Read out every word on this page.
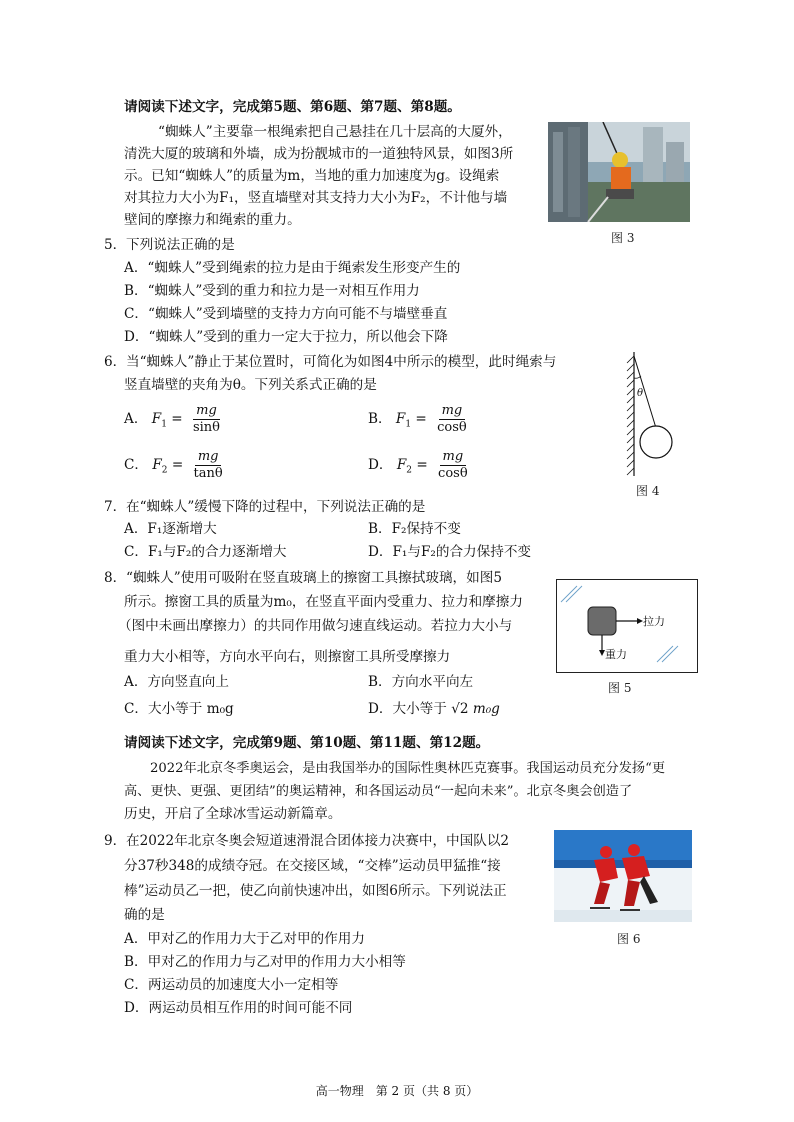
请阅读下述文字，完成第5题、第6题、第7题、第8题。
“蜘蛛人”主要靠一根绳索把自己悬挂在几十层高的大厦外，
清洗大厦的玻璃和外墙，成为扮靓城市的一道独特风景，如图3所
示。已知“蜘蛛人”的质量为m，当地的重力加速度为g。设绳索
对其拉力大小为F₁，竖直墙壁对其支持力大小为F₂，不计他与墙
壁间的摩擦力和绳索的重力。
图 3
5．下列说法正确的是
A．“蜘蛛人”受到绳索的拉力是由于绳索发生形变产生的
B．“蜘蛛人”受到的重力和拉力是一对相互作用力
C．“蜘蛛人”受到墙壁的支持力方向可能不与墙壁垂直
D．“蜘蛛人”受到的重力一定大于拉力，所以他会下降
6．当“蜘蛛人”静止于某位置时，可简化为如图4中所示的模型，此时绳索与
竖直墙壁的夹角为θ。下列关系式正确的是
A． $F_1 = \frac{mg}{\sin\theta}$	B． $F_1 = \frac{mg}{\cos\theta}$
C． $F_2 = \frac{mg}{\tan\theta}$	D． $F_2 = \frac{mg}{\cos\theta}$
θ
图 4
7．在“蜘蛛人”缓慢下降的过程中，下列说法正确的是
A．F₁逐渐增大	B．F₂保持不变
C．F₁与F₂的合力逐渐增大	D．F₁与F₂的合力保持不变
8．“蜘蛛人”使用可吸附在竖直玻璃上的擦窗工具擦拭玻璃，如图5
所示。擦窗工具的质量为m₀，在竖直平面内受重力、拉力和摩擦力
（图中未画出摩擦力）的共同作用做匀速直线运动。若拉力大小与
重力大小相等，方向水平向右，则擦窗工具所受摩擦力
A．方向竖直向上	B．方向水平向左
C．大小等于 m₀g	D．大小等于 √2 m₀g
拉力
重力
图 5
请阅读下述文字，完成第9题、第10题、第11题、第12题。
2022年北京冬季奥运会，是由我国举办的国际性奥林匹克赛事。我国运动员充分发扬“更
高、更快、更强、更团结”的奥运精神，和各国运动员“一起向未来”。北京冬奥会创造了
历史，开启了全球冰雪运动新篇章。
9．在2022年北京冬奥会短道速滑混合团体接力决赛中，中国队以2
分37秒348的成绩夺冠。在交接区域，“交棒”运动员甲猛推“接
棒”运动员乙一把，使乙向前快速冲出，如图6所示。下列说法正
确的是
A．甲对乙的作用力大于乙对甲的作用力
B．甲对乙的作用力与乙对甲的作用力大小相等
C．两运动员的加速度大小一定相等
D．两运动员相互作用的时间可能不同
图 6
高一物理　第 2 页（共 8 页）
